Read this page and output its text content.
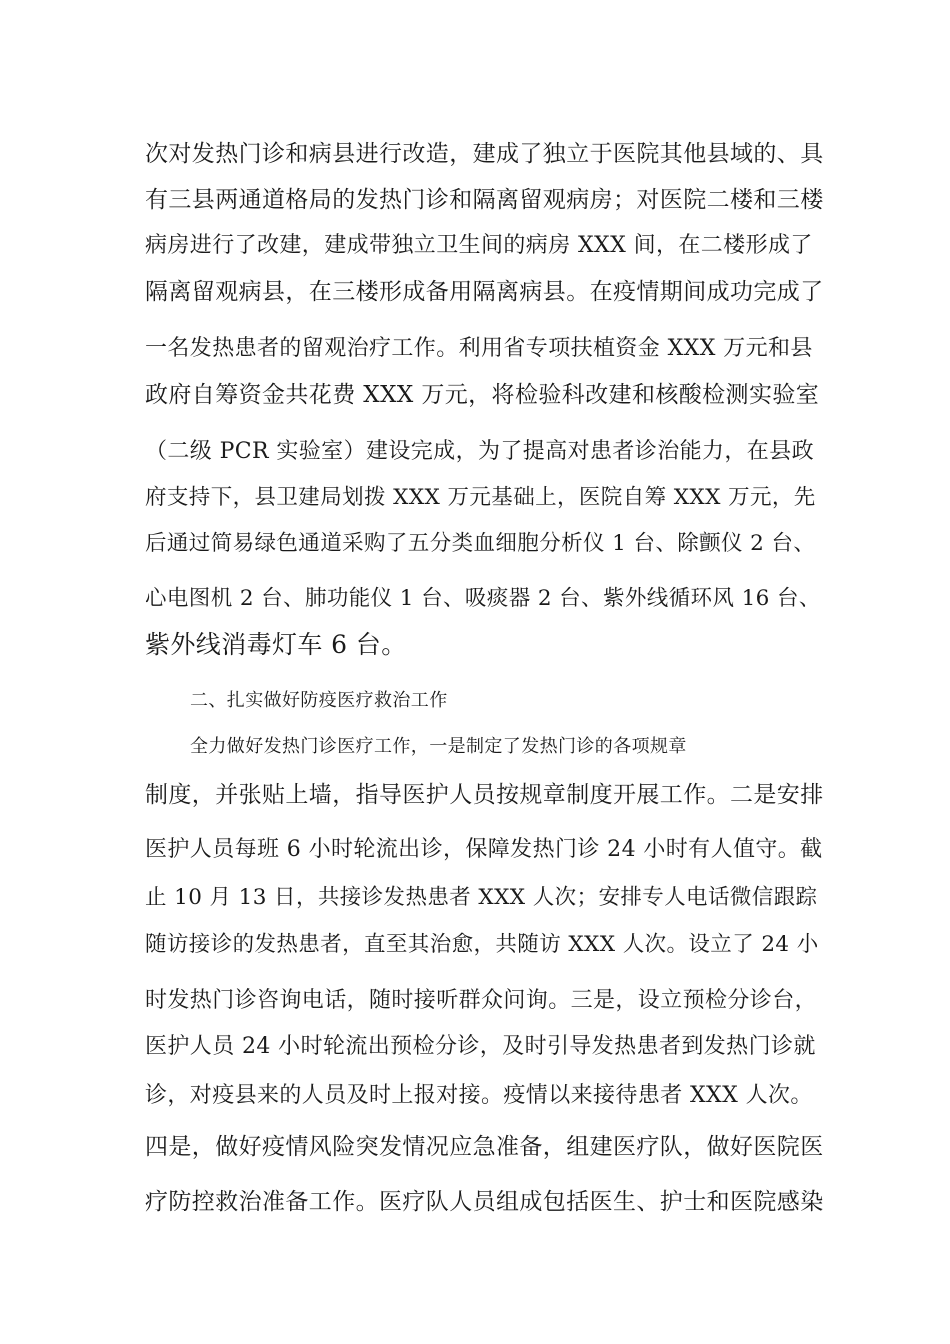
次对发热门诊和病县进行改造，建成了独立于医院其他县域的、具
有三县两通道格局的发热门诊和隔离留观病房；对医院二楼和三楼
病房进行了改建，建成带独立卫生间的病房 XXX 间，在二楼形成了
隔离留观病县，在三楼形成备用隔离病县。在疫情期间成功完成了
一名发热患者的留观治疗工作。利用省专项扶植资金 XXX 万元和县
政府自筹资金共花费 XXX 万元，将检验科改建和核酸检测实验室
（二级 PCR 实验室）建设完成，为了提高对患者诊治能力，在县政
府支持下，县卫建局划拨 XXX 万元基础上，医院自筹 XXX 万元，先
后通过简易绿色通道采购了五分类血细胞分析仪 1 台、除颤仪 2 台、
心电图机 2 台、肺功能仪 1 台、吸痰器 2 台、紫外线循环风 16 台、
紫外线消毒灯车 6 台。
二、扎实做好防疫医疗救治工作
全力做好发热门诊医疗工作，一是制定了发热门诊的各项规章
制度，并张贴上墙，指导医护人员按规章制度开展工作。二是安排
医护人员每班 6 小时轮流出诊，保障发热门诊 24 小时有人值守。截
止 10 月 13 日，共接诊发热患者 XXX 人次；安排专人电话微信跟踪
随访接诊的发热患者，直至其治愈，共随访 XXX 人次。设立了 24 小
时发热门诊咨询电话，随时接听群众问询。三是，设立预检分诊台，
医护人员 24 小时轮流出预检分诊，及时引导发热患者到发热门诊就
诊，对疫县来的人员及时上报对接。疫情以来接待患者 XXX 人次。
四是，做好疫情风险突发情况应急准备，组建医疗队，做好医院医
疗防控救治准备工作。医疗队人员组成包括医生、护士和医院感染
